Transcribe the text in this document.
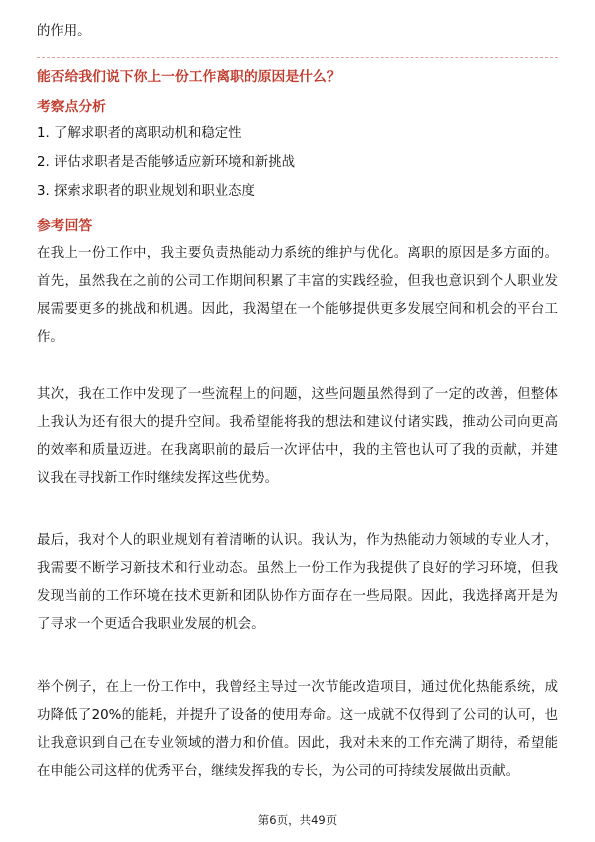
的作用。
能否给我们说下你上一份工作离职的原因是什么？
考察点分析
1. 了解求职者的离职动机和稳定性
2. 评估求职者是否能够适应新环境和新挑战
3. 探索求职者的职业规划和职业态度
参考回答

在我上一份工作中，我主要负责热能动力系统的维护与优化。离职的原因是多方面的。首先，虽然我在之前的公司工作期间积累了丰富的实践经验，但我也意识到个人职业发展需要更多的挑战和机遇。因此，我渴望在一个能够提供更多发展空间和机会的平台工作。

其次，我在工作中发现了一些流程上的问题，这些问题虽然得到了一定的改善，但整体上我认为还有很大的提升空间。我希望能将我的想法和建议付诸实践，推动公司向更高的效率和质量迈进。在我离职前的最后一次评估中，我的主管也认可了我的贡献，并建议我在寻找新工作时继续发挥这些优势。

最后，我对个人的职业规划有着清晰的认识。我认为，作为热能动力领域的专业人才，我需要不断学习新技术和行业动态。虽然上一份工作为我提供了良好的学习环境，但我发现当前的工作环境在技术更新和团队协作方面存在一些局限。因此，我选择离开是为了寻求一个更适合我职业发展的机会。

举个例子，在上一份工作中，我曾经主导过一次节能改造项目，通过优化热能系统，成功降低了20%的能耗，并提升了设备的使用寿命。这一成就不仅得到了公司的认可，也让我意识到自己在专业领域的潜力和价值。因此，我对未来的工作充满了期待，希望能在申能公司这样的优秀平台，继续发挥我的专长，为公司的可持续发展做出贡献。

第6页，共49页
